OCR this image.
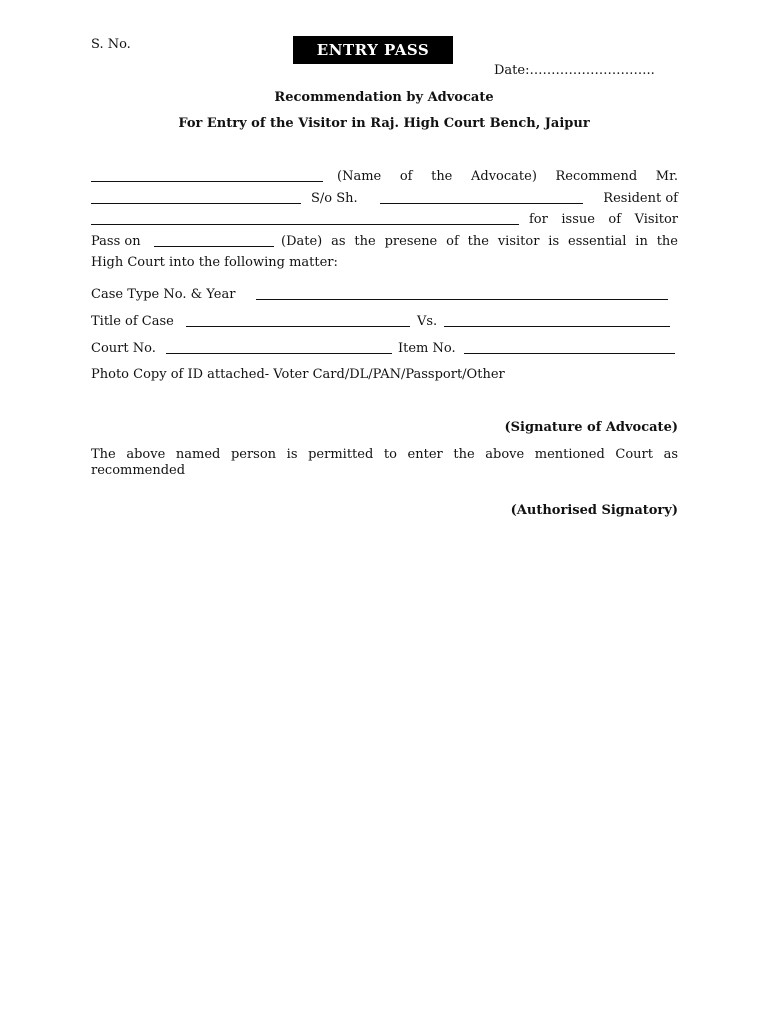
S. No.	ENTRY PASS
Date:………………………..
Recommendation by Advocate
For Entry of the Visitor in Raj. High Court Bench, Jaipur
(Name of the Advocate) Recommend Mr.
S/o Sh.	Resident of
for issue of Visitor
Pass on	(Date) as the presene of the visitor is essential in the
High Court into the following matter:
Case Type No. & Year
Title of Case	Vs.
Court No.	Item No.
Photo Copy of ID attached- Voter Card/DL/PAN/Passport/Other
(Signature of Advocate)
The above named person is permitted to enter the above mentioned Court as recommended
(Authorised Signatory)
